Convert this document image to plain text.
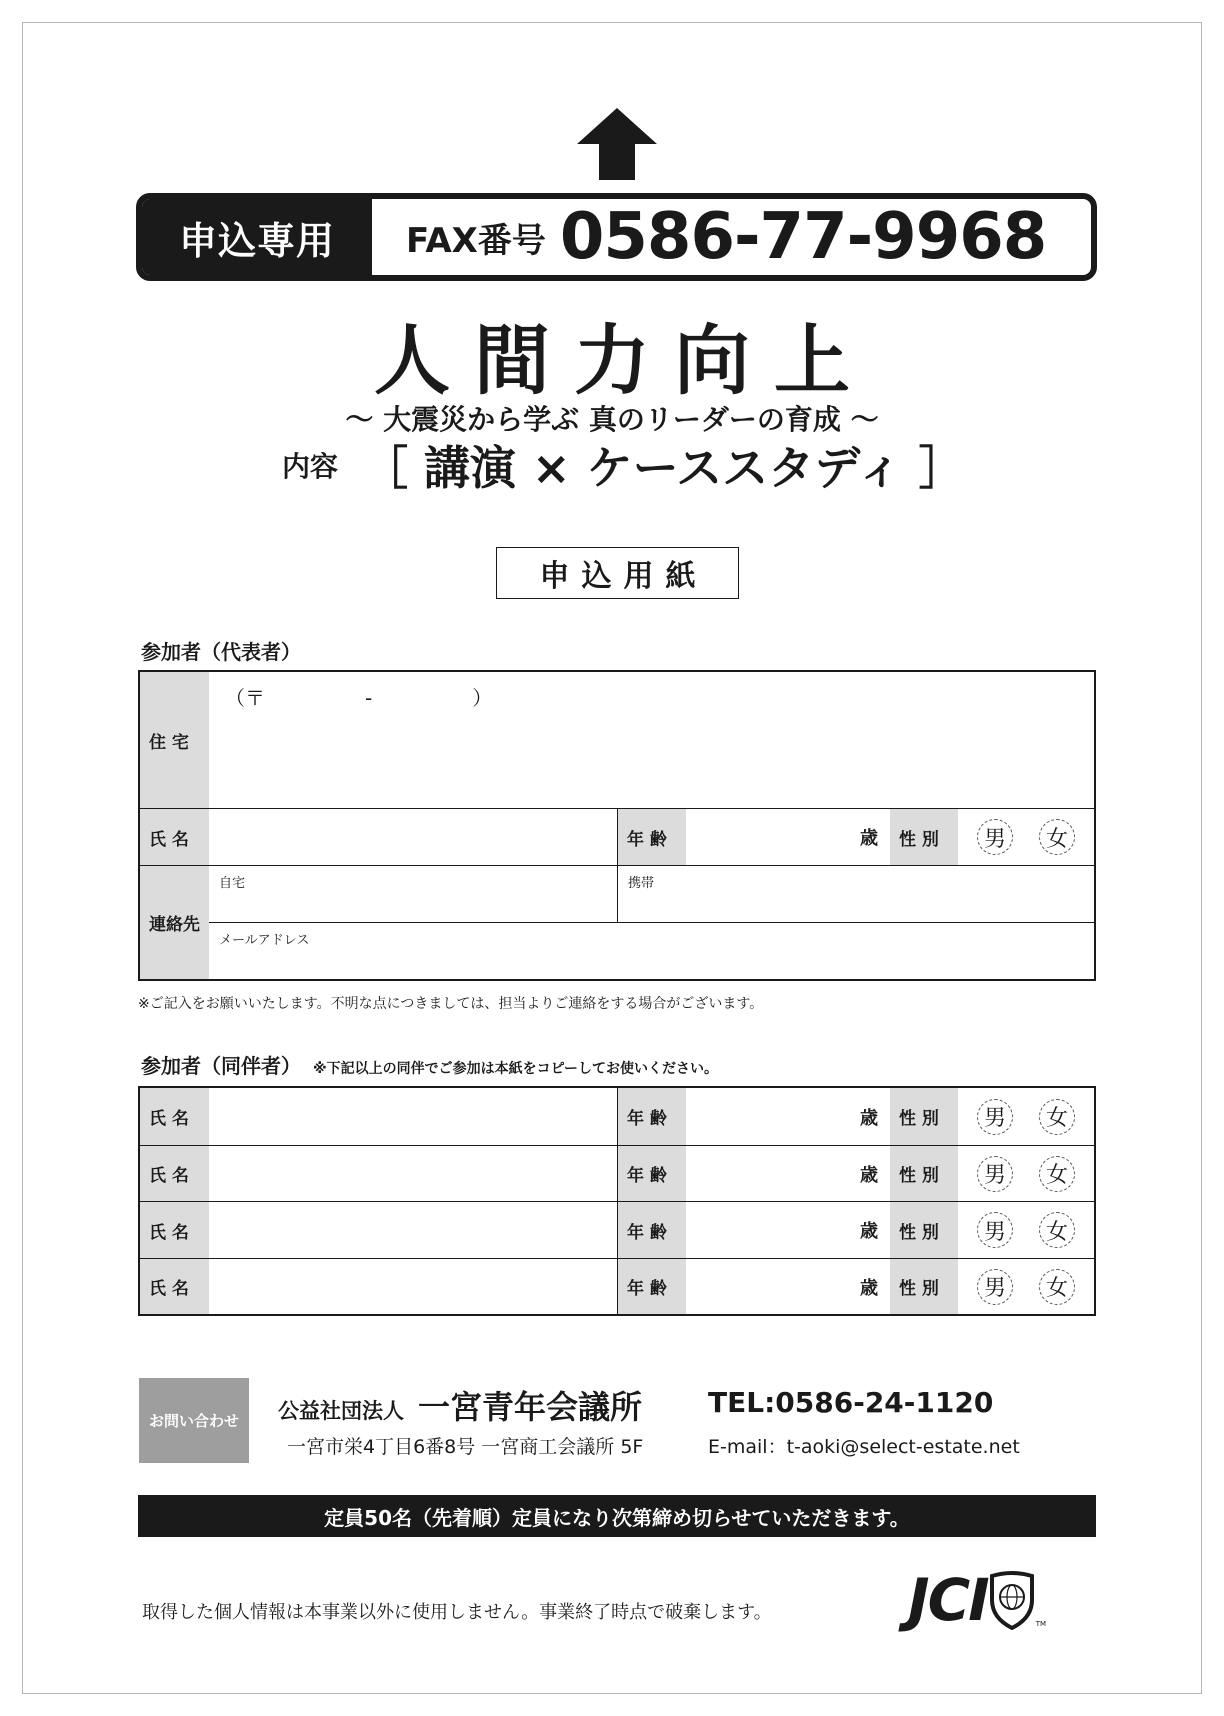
申込専用	FAX番号 0586-77-9968
人間力向上
～ 大震災から学ぶ 真のリーダーの育成 ～
内容 ［ 講演 × ケーススタディ ］
申込用紙
参加者（代表者）
住 宅
（〒　　　　　-　　　　　）
氏 名	年 齢	歳	性 別	男	女
連絡先
自宅	携帯
メールアドレス
※ご記入をお願いいたします。不明な点につきましては、担当よりご連絡をする場合がございます。
参加者（同伴者） ※下記以上の同伴でご参加は本紙をコピーしてお使いください。
氏 名	年 齢	歳	性 別	男	女
氏 名	年 齢	歳	性 別	男	女
氏 名	年 齢	歳	性 別	男	女
氏 名	年 齢	歳	性 別	男	女
お問い合わせ	公益社団法人 一宮青年会議所 TEL:0586-24-1120
一宮市栄4丁目6番8号 一宮商工会議所 5F	E-mail：t-aoki@select-estate.net
定員50名（先着順）定員になり次第締め切らせていただきます。
取得した個人情報は本事業以外に使用しません。事業終了時点で破棄します。 JCI	TM
